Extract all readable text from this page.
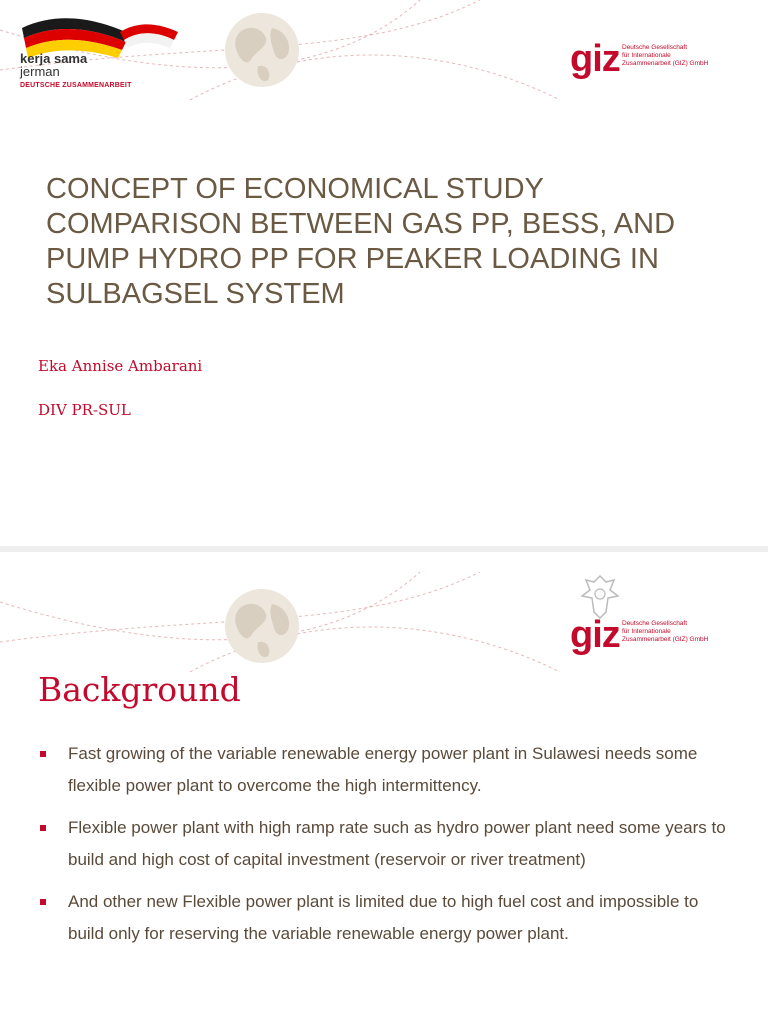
kerja sama
jerman
DEUTSCHE ZUSAMMENARBEIT
giz Deutsche Gesellschaft
für Internationale
Zusammenarbeit (GIZ) GmbH
CONCEPT OF ECONOMICAL STUDY
COMPARISON BETWEEN GAS PP, BESS, AND
PUMP HYDRO PP FOR PEAKER LOADING IN
SULBAGSEL SYSTEM
Eka Annise Ambarani
DIV PR-SUL
giz Deutsche Gesellschaft
für Internationale
Zusammenarbeit (GIZ) GmbH
Background
Fast growing of the variable renewable energy power plant in Sulawesi needs some flexible power plant to overcome the high intermittency.
Flexible power plant with high ramp rate such as hydro power plant need some years to build and high cost of capital investment (reservoir or river treatment)
And other new Flexible power plant is limited due to high fuel cost and impossible to build only for reserving the variable renewable energy power plant.
